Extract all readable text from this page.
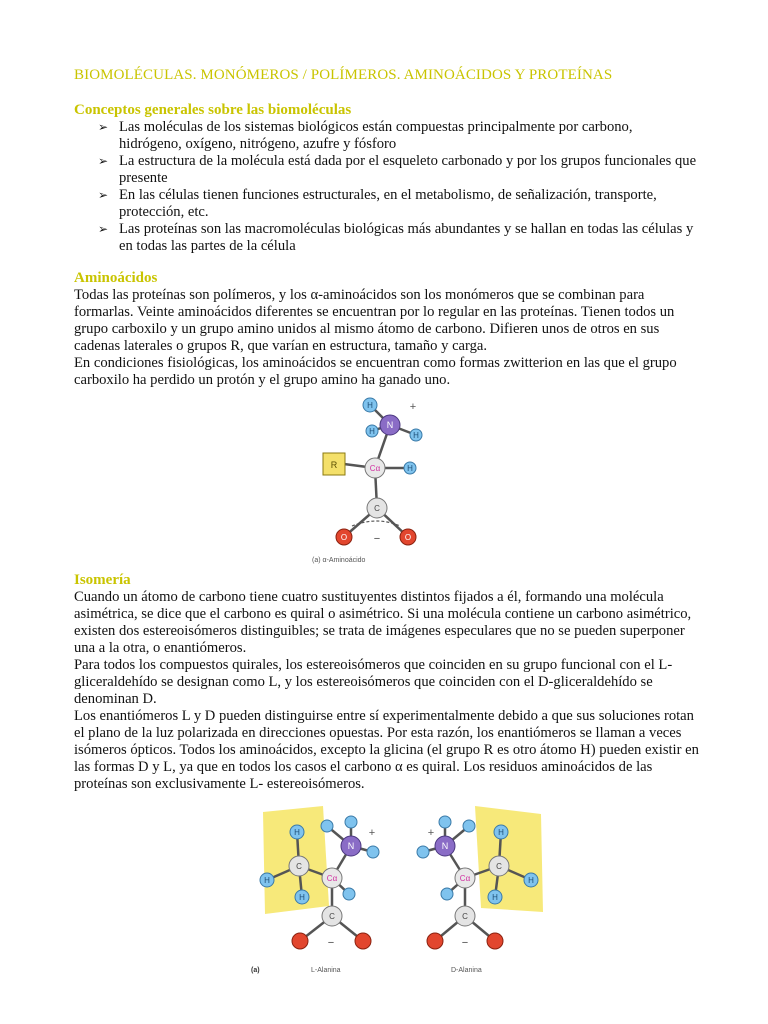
BIOMOLÉCULAS. MONÓMEROS / POLÍMEROS. AMINOÁCIDOS Y PROTEÍNAS
Conceptos generales sobre las biomoléculas
➢ Las moléculas de los sistemas biológicos están compuestas principalmente por carbono, hidrógeno, oxígeno, nitrógeno, azufre y fósforo
➢ La estructura de la molécula está dada por el esqueleto carbonado y por los grupos funcionales que presente
➢ En las células tienen funciones estructurales, en el metabolismo, de señalización, transporte, protección, etc.
➢ Las proteínas son las macromoléculas biológicas más abundantes y se hallan en todas las células y en todas las partes de la célula
Aminoácidos

Todas las proteínas son polímeros, y los α-aminoácidos son los monómeros que se combinan para formarlas. Veinte aminoácidos diferentes se encuentran por lo regular en las proteínas. Tienen todos un grupo carboxilo y un grupo amino unidos al mismo átomo de carbono. Difieren unos de otros en sus cadenas laterales o grupos R, que varían en estructura, tamaño y carga.

En condiciones fisiológicas, los aminoácidos se encuentran como formas zwitterion en las que el grupo carboxilo ha perdido un protón y el grupo amino ha ganado uno.

H
H	H
N
+
R	Cα	H
C
O	O
−
(a) α-Aminoácido
Isomería

Cuando un átomo de carbono tiene cuatro sustituyentes distintos fijados a él, formando una molécula asimétrica, se dice que el carbono es quiral o asimétrico. Si una molécula contiene un carbono asimétrico, existen dos estereoisómeros distinguibles; se trata de imágenes especulares que no se pueden superponer una a la otra, o enantiómeros.

Para todos los compuestos quirales, los estereoisómeros que coinciden en su grupo funcional con el L-gliceraldehído se designan como L, y los estereoisómeros que coinciden con el D-gliceraldehído se denominan D.

Los enantiómeros L y D pueden distinguirse entre sí experimentalmente debido a que sus soluciones rotan el plano de la luz polarizada en direcciones opuestas. Por esta razón, los enantiómeros se llaman a veces isómeros ópticos. Todos los aminoácidos, excepto la glicina (el grupo R es otro átomo H) pueden existir en las formas D y L, ya que en todos los casos el carbono α es quiral. Los residuos aminoácidos de las proteínas son exclusivamente L- estereoisómeros.

N
H
H
H
C
Cα
C
−
+
N
H
H
H
C
Cα
C
−
+
(a)	L-Alanina	D-Alanina
